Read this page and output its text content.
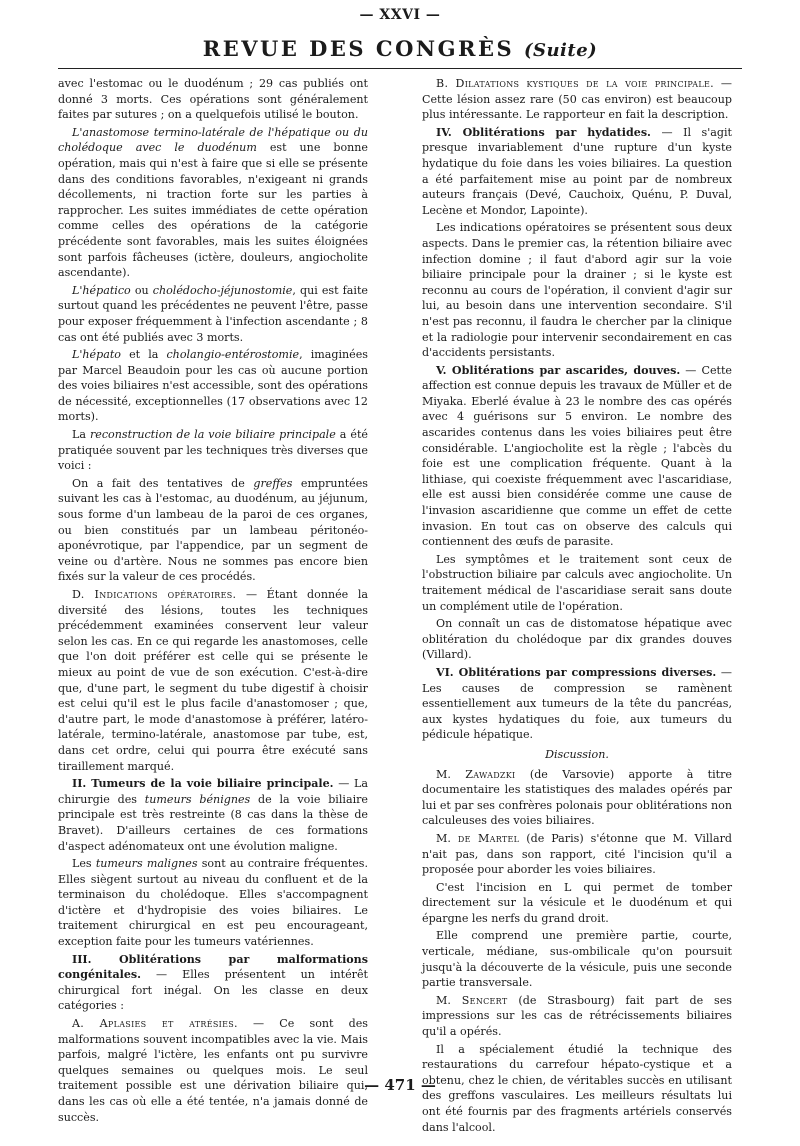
— XXVI —
REVUE DES CONGRÈS (Suite)

avec l'estomac ou le duodénum ; 29 cas publiés ont donné 3 morts. Ces opérations sont généralement faites par sutures ; on a quelquefois utilisé le bouton.

L'anastomose termino-latérale de l'hépatique ou du cholédoque avec le duodénum est une bonne opération, mais qui n'est à faire que si elle se présente dans des conditions favorables, n'exigeant ni grands décollements, ni traction forte sur les parties à rapprocher. Les suites immédiates de cette opération comme celles des opérations de la catégorie précédente sont favorables, mais les suites éloignées sont parfois fâcheuses (ictère, douleurs, angiocholite ascendante).

L'hépatico ou cholédocho-jéjunostomie, qui est faite surtout quand les précédentes ne peuvent l'être, passe pour exposer fréquemment à l'infection ascendante ; 8 cas ont été publiés avec 3 morts.

L'hépato et la cholangio-entérostomie, imaginées par Marcel Beaudoin pour les cas où aucune portion des voies biliaires n'est accessible, sont des opérations de nécessité, exceptionnelles (17 observations avec 12 morts).

La reconstruction de la voie biliaire principale a été pratiquée souvent par les techniques très diverses que voici :

On a fait des tentatives de greffes empruntées suivant les cas à l'estomac, au duodénum, au jéjunum, sous forme d'un lambeau de la paroi de ces organes, ou bien constitués par un lambeau péritonéo-aponévrotique, par l'appendice, par un segment de veine ou d'artère. Nous ne sommes pas encore bien fixés sur la valeur de ces procédés.

D. Indications opératoires. — Étant donnée la diversité des lésions, toutes les techniques précédemment examinées conservent leur valeur selon les cas. En ce qui regarde les anastomoses, celle que l'on doit préférer est celle qui se présente le mieux au point de vue de son exécution. C'est-à-dire que, d'une part, le segment du tube digestif à choisir est celui qu'il est le plus facile d'anastomoser ; que, d'autre part, le mode d'anastomose à préférer, latéro-latérale, termino-latérale, anastomose par tube, est, dans cet ordre, celui qui pourra être exécuté sans tiraillement marqué.

II. Tumeurs de la voie biliaire principale. — La chirurgie des tumeurs bénignes de la voie biliaire principale est très restreinte (8 cas dans la thèse de Bravet). D'ailleurs certaines de ces formations d'aspect adénomateux ont une évolution maligne.

Les tumeurs malignes sont au contraire fréquentes. Elles siègent surtout au niveau du confluent et de la terminaison du cholédoque. Elles s'accompagnent d'ictère et d'hydropisie des voies biliaires. Le traitement chirurgical en est peu encourageant, exception faite pour les tumeurs vatériennes.

III. Oblitérations par malformations congénitales. — Elles présentent un intérêt chirurgical fort inégal. On les classe en deux catégories :

A. Aplasies et atrésies. — Ce sont des malformations souvent incompatibles avec la vie. Mais parfois, malgré l'ictère, les enfants ont pu survivre quelques semaines ou quelques mois. Le seul traitement possible est une dérivation biliaire qui, dans les cas où elle a été tentée, n'a jamais donné de succès.

B. Dilatations kystiques de la voie principale. — Cette lésion assez rare (50 cas environ) est beaucoup plus intéressante. Le rapporteur en fait la description.

IV. Oblitérations par hydatides. — Il s'agit presque invariablement d'une rupture d'un kyste hydatique du foie dans les voies biliaires. La question a été parfaitement mise au point par de nombreux auteurs français (Devé, Cauchoix, Quénu, P. Duval, Lecène et Mondor, Lapointe).

Les indications opératoires se présentent sous deux aspects. Dans le premier cas, la rétention biliaire avec infection domine ; il faut d'abord agir sur la voie biliaire principale pour la drainer ; si le kyste est reconnu au cours de l'opération, il convient d'agir sur lui, au besoin dans une intervention secondaire. S'il n'est pas reconnu, il faudra le chercher par la clinique et la radiologie pour intervenir secondairement en cas d'accidents persistants.

V. Oblitérations par ascarides, douves. — Cette affection est connue depuis les travaux de Müller et de Miyaka. Eberlé évalue à 23 le nombre des cas opérés avec 4 guérisons sur 5 environ. Le nombre des ascarides contenus dans les voies biliaires peut être considérable. L'angiocholite est la règle ; l'abcès du foie est une complication fréquente. Quant à la lithiase, qui coexiste fréquemment avec l'ascaridiase, elle est aussi bien considérée comme une cause de l'invasion ascaridienne que comme un effet de cette invasion. En tout cas on observe des calculs qui contiennent des œufs de parasite.

Les symptômes et le traitement sont ceux de l'obstruction biliaire par calculs avec angiocholite. Un traitement médical de l'ascaridiase serait sans doute un complément utile de l'opération.

On connaît un cas de distomatose hépatique avec oblitération du cholédoque par dix grandes douves (Villard).

VI. Oblitérations par compressions diverses. — Les causes de compression se ramènent essentiellement aux tumeurs de la tête du pancréas, aux kystes hydatiques du foie, aux tumeurs du pédicule hépatique.

Discussion.

M. Zawadzki (de Varsovie) apporte à titre documentaire les statistiques des malades opérés par lui et par ses confrères polonais pour oblitérations non calculeuses des voies biliaires.

M. de Martel (de Paris) s'étonne que M. Villard n'ait pas, dans son rapport, cité l'incision qu'il a proposée pour aborder les voies biliaires.

C'est l'incision en L qui permet de tomber directement sur la vésicule et le duodénum et qui épargne les nerfs du grand droit.

Elle comprend une première partie, courte, verticale, médiane, sus-ombilicale qu'on poursuit jusqu'à la découverte de la vésicule, puis une seconde partie transversale.

M. Sencert (de Strasbourg) fait part de ses impressions sur les cas de rétrécissements biliaires qu'il a opérés.

Il a spécialement étudié la technique des restaurations du carrefour hépato-cystique et a obtenu, chez le chien, de véritables succès en utilisant des greffons vasculaires. Les meilleurs résultats lui ont été fournis par des fragments artériels conservés dans l'alcool.

— 471 —
